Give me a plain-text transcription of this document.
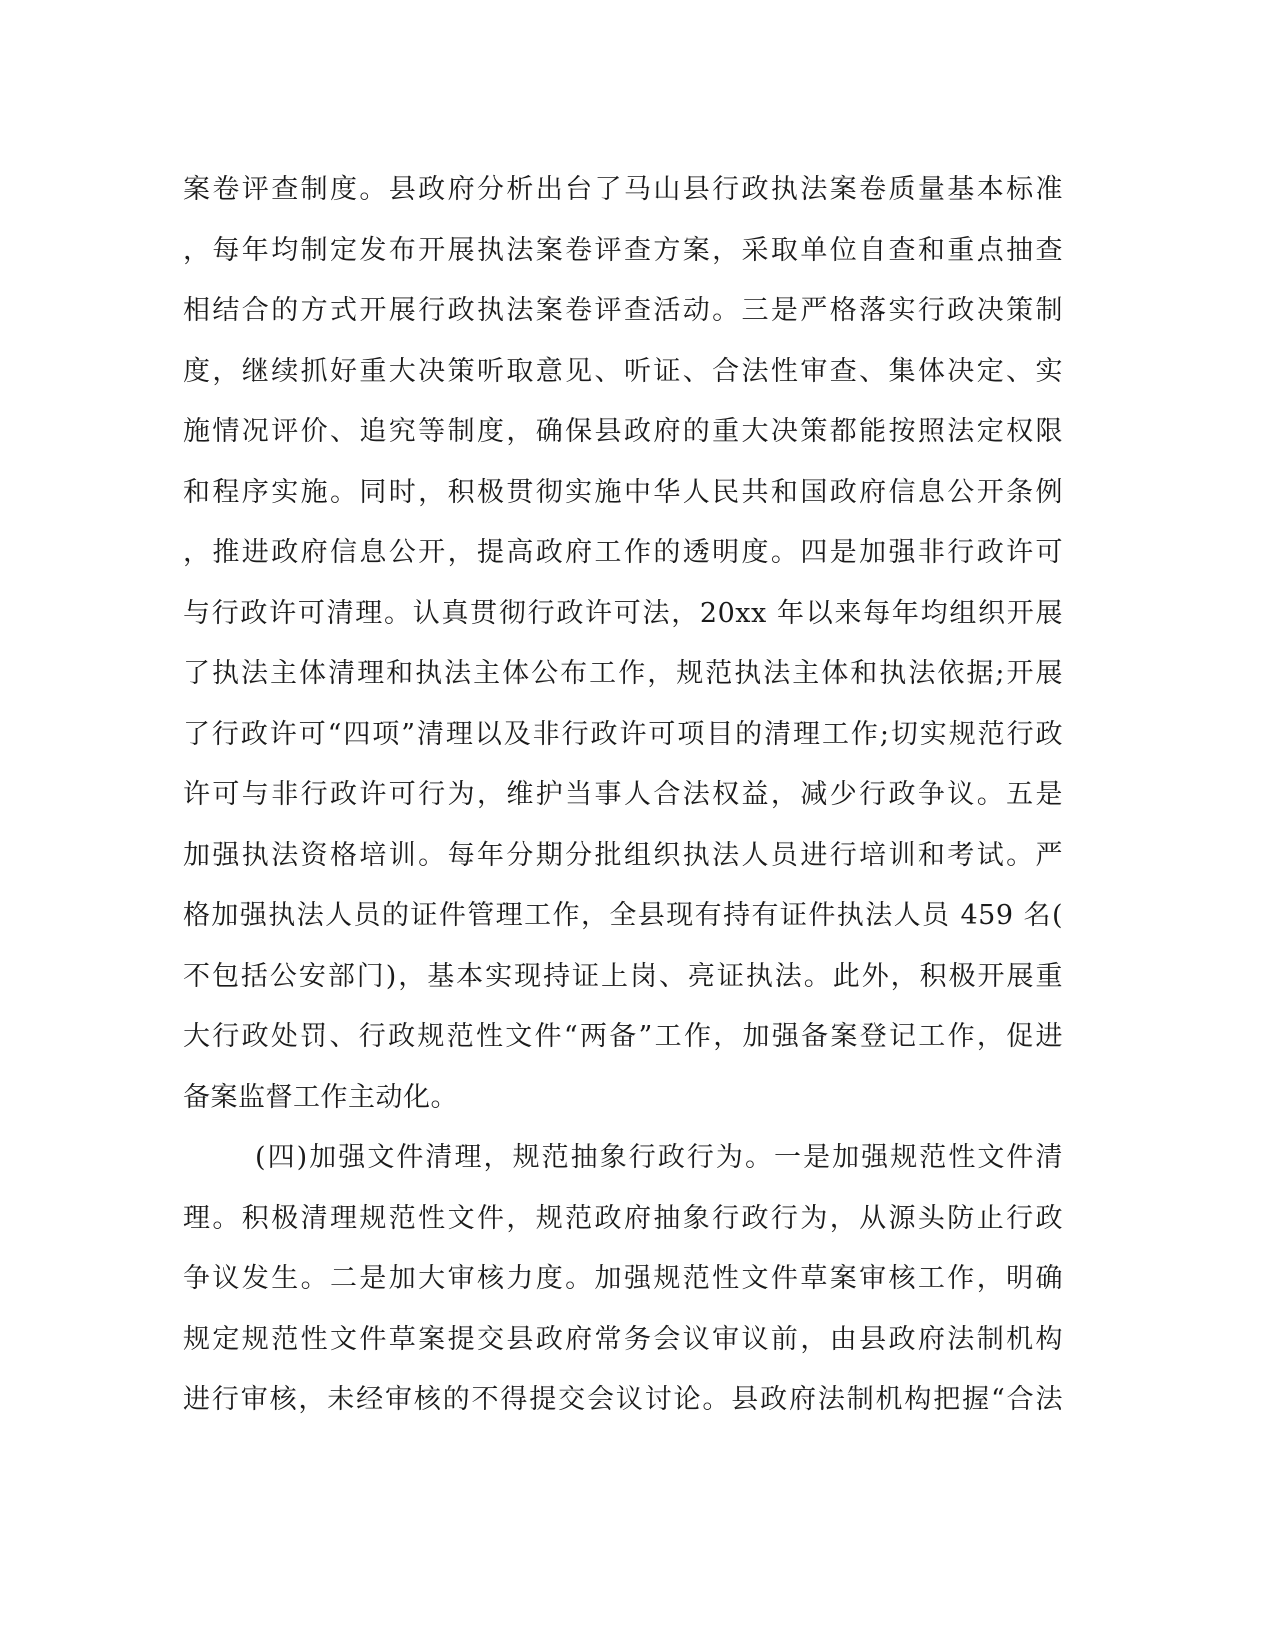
案卷评查制度。县政府分析出台了马山县行政执法案卷质量基本标准
，每年均制定发布开展执法案卷评查方案，采取单位自查和重点抽查
相结合的方式开展行政执法案卷评查活动。三是严格落实行政决策制
度，继续抓好重大决策听取意见、听证、合法性审查、集体决定、实
施情况评价、追究等制度，确保县政府的重大决策都能按照法定权限
和程序实施。同时，积极贯彻实施中华人民共和国政府信息公开条例
，推进政府信息公开，提高政府工作的透明度。四是加强非行政许可
与行政许可清理。认真贯彻行政许可法，20xx 年以来每年均组织开展
了执法主体清理和执法主体公布工作，规范执法主体和执法依据;开展
了行政许可“四项”清理以及非行政许可项目的清理工作;切实规范行政
许可与非行政许可行为，维护当事人合法权益，减少行政争议。五是
加强执法资格培训。每年分期分批组织执法人员进行培训和考试。严
格加强执法人员的证件管理工作，全县现有持有证件执法人员 459 名(
不包括公安部门)，基本实现持证上岗、亮证执法。此外，积极开展重
大行政处罚、行政规范性文件“两备”工作，加强备案登记工作，促进
备案监督工作主动化。
(四)加强文件清理，规范抽象行政行为。一是加强规范性文件清
理。积极清理规范性文件，规范政府抽象行政行为，从源头防止行政
争议发生。二是加大审核力度。加强规范性文件草案审核工作，明确
规定规范性文件草案提交县政府常务会议审议前，由县政府法制机构
进行审核，未经审核的不得提交会议讨论。县政府法制机构把握“合法
